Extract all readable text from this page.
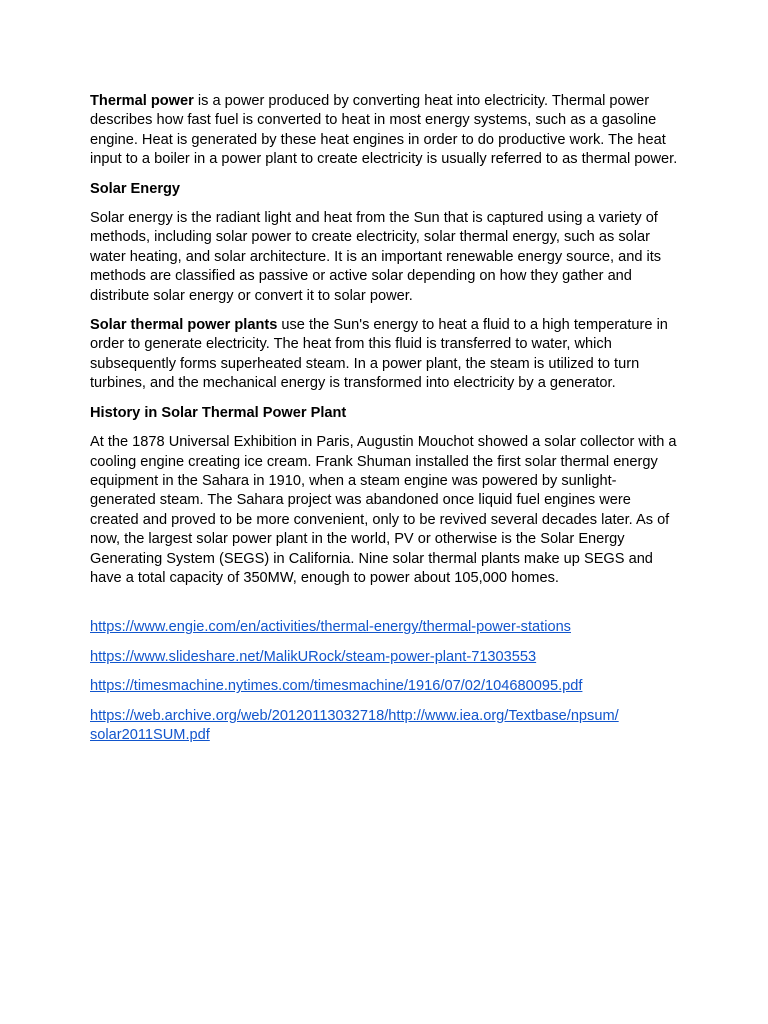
Thermal power is a power produced by converting heat into electricity. Thermal power describes how fast fuel is converted to heat in most energy systems, such as a gasoline engine. Heat is generated by these heat engines in order to do productive work. The heat input to a boiler in a power plant to create electricity is usually referred to as thermal power.

Solar Energy

Solar energy is the radiant light and heat from the Sun that is captured using a variety of methods, including solar power to create electricity, solar thermal energy, such as solar water heating, and solar architecture. It is an important renewable energy source, and its methods are classified as passive or active solar depending on how they gather and distribute solar energy or convert it to solar power.

Solar thermal power plants use the Sun's energy to heat a fluid to a high temperature in order to generate electricity. The heat from this fluid is transferred to water, which subsequently forms superheated steam. In a power plant, the steam is utilized to turn turbines, and the mechanical energy is transformed into electricity by a generator.

History in Solar Thermal Power Plant

At the 1878 Universal Exhibition in Paris, Augustin Mouchot showed a solar collector with a cooling engine creating ice cream. Frank Shuman installed the first solar thermal energy equipment in the Sahara in 1910, when a steam engine was powered by sunlight-generated steam. The Sahara project was abandoned once liquid fuel engines were created and proved to be more convenient, only to be revived several decades later. As of now, the largest solar power plant in the world, PV or otherwise is the Solar Energy Generating System (SEGS) in California. Nine solar thermal plants make up SEGS and have a total capacity of 350MW, enough to power about 105,000 homes.

https://www.engie.com/en/activities/thermal-energy/thermal-power-stations
https://www.slideshare.net/MalikURock/steam-power-plant-71303553
https://timesmachine.nytimes.com/timesmachine/1916/07/02/104680095.pdf
https://web.archive.org/web/20120113032718/http://www.iea.org/Textbase/npsum/
solar2011SUM.pdf
